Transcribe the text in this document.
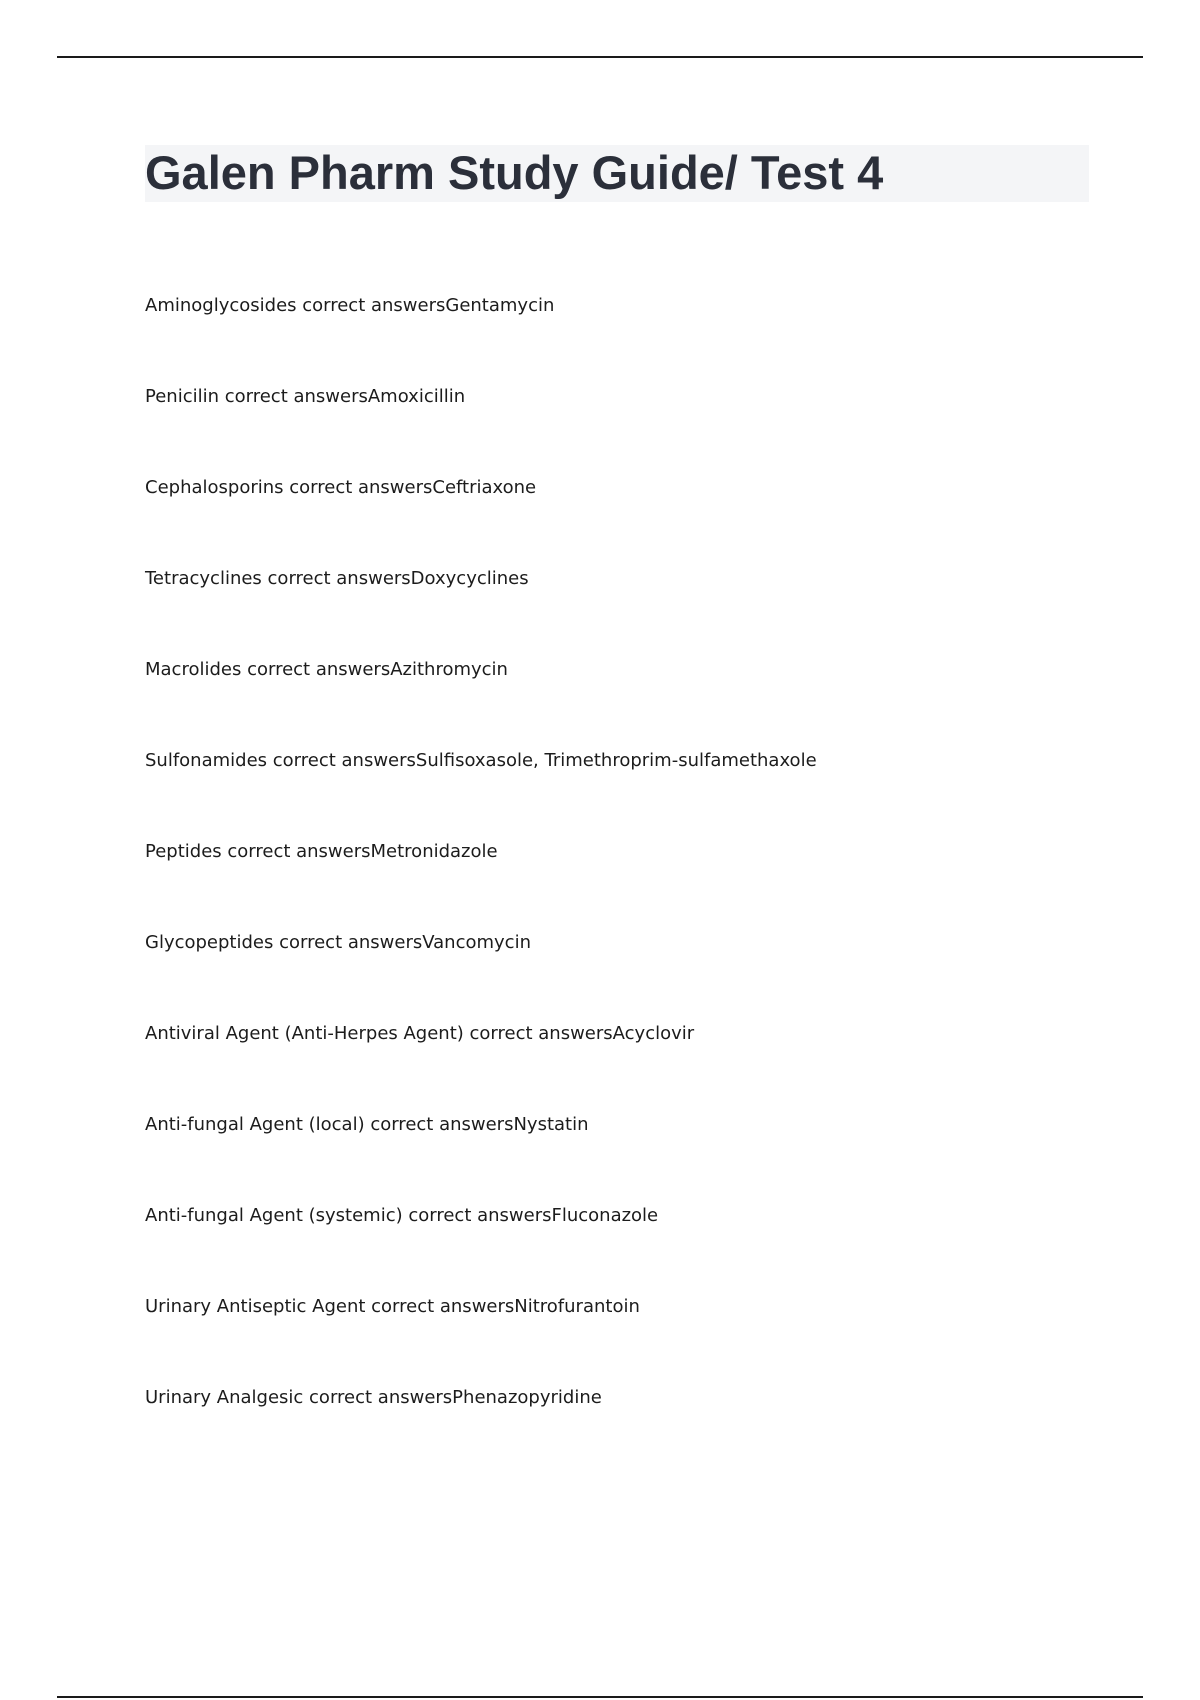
Galen Pharm Study Guide/ Test 4
Aminoglycosides correct answersGentamycin
Penicilin correct answersAmoxicillin
Cephalosporins correct answersCeftriaxone
Tetracyclines correct answersDoxycyclines
Macrolides correct answersAzithromycin
Sulfonamides correct answersSulfisoxasole, Trimethroprim-sulfamethaxole
Peptides correct answersMetronidazole
Glycopeptides correct answersVancomycin
Antiviral Agent (Anti-Herpes Agent) correct answersAcyclovir
Anti-fungal Agent (local) correct answersNystatin
Anti-fungal Agent (systemic) correct answersFluconazole
Urinary Antiseptic Agent correct answersNitrofurantoin
Urinary Analgesic correct answersPhenazopyridine
